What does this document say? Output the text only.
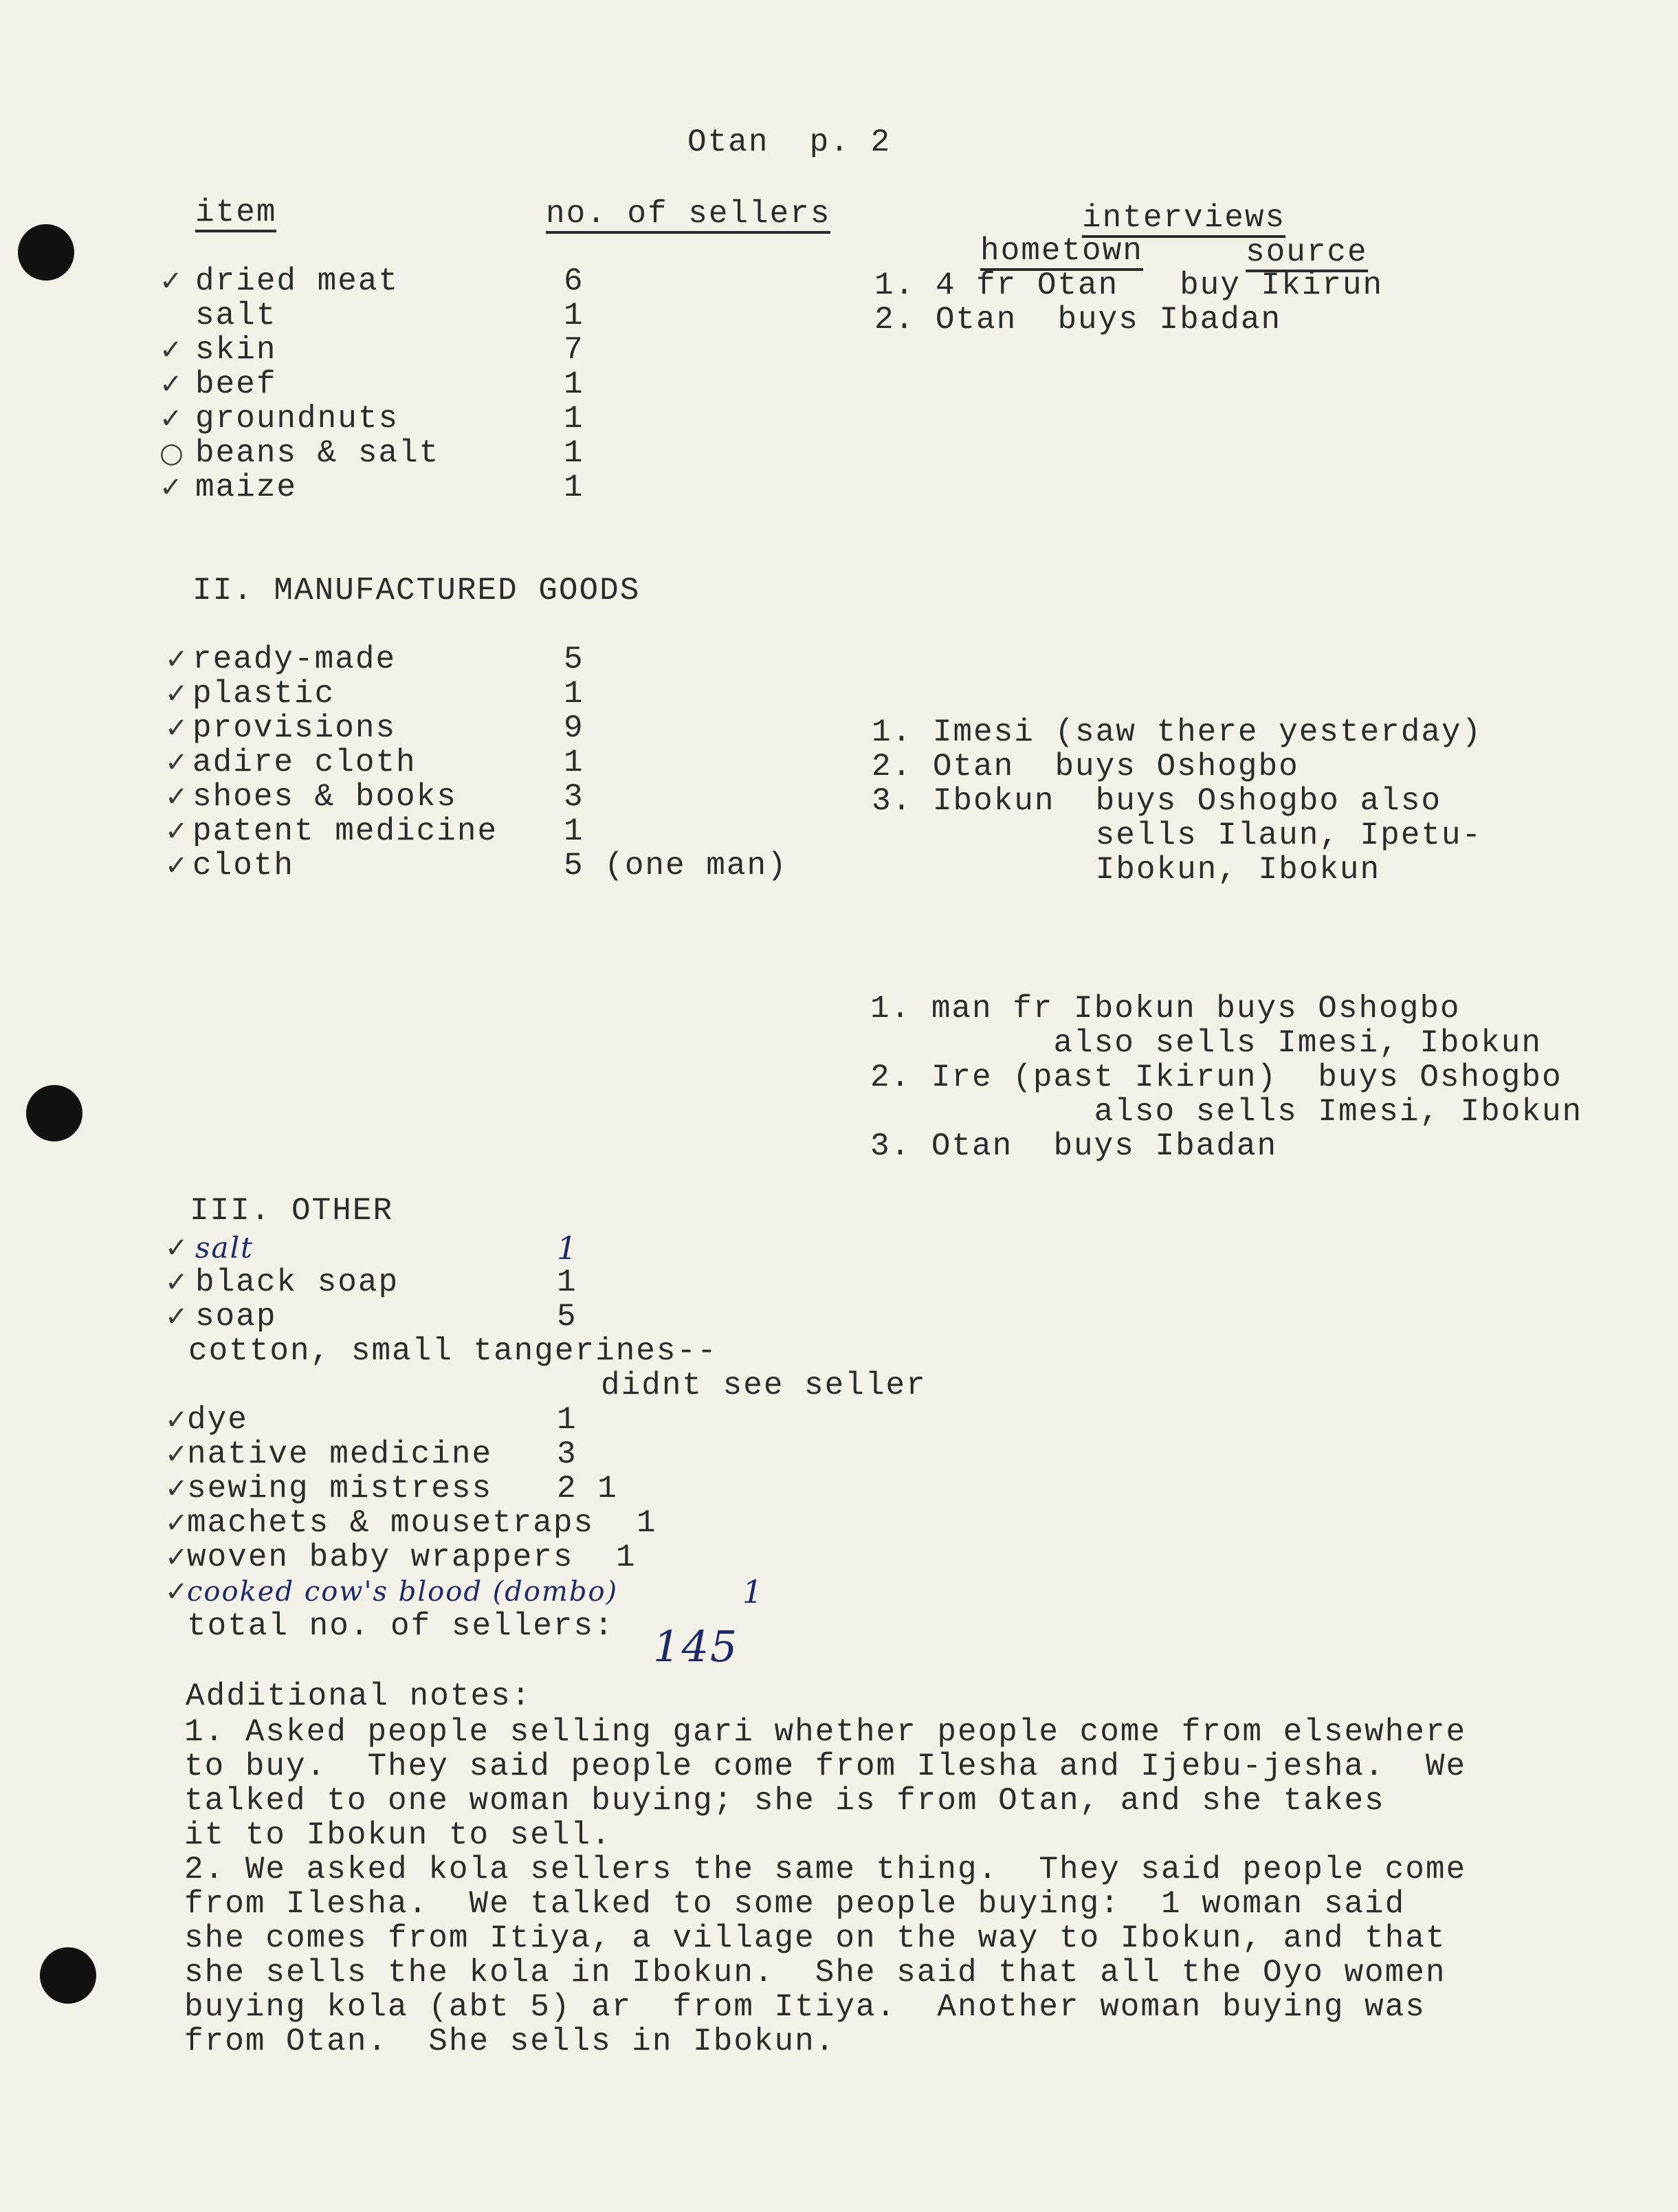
Otan  p. 2
item	no. of sellers	interviews
hometown	source
✓ dried meat	6
salt	1
✓ skin	7
✓ beef	1
✓ groundnuts	1
○ beans & salt	1
✓ maize	1
1. 4 fr Otan   buy Ikirun
2. Otan  buys Ibadan
II. MANUFACTURED GOODS
✓ ready-made	5
✓ plastic	1
✓ provisions	9
✓ adire cloth	1
✓ shoes & books	3
✓ patent medicine 1
✓ cloth	5 (one man)
1. Imesi (saw there yesterday)
2. Otan  buys Oshogbo
3. Ibokun  buys Oshogbo also
sells Ilaun, Ipetu-
Ibokun, Ibokun
1. man fr Ibokun buys Oshogbo
also sells Imesi, Ibokun
2. Ire (past Ikirun)  buys Oshogbo
also sells Imesi, Ibokun
3. Otan  buys Ibadan
III. OTHER
✓ salt	1
✓ black soap	1
✓ soap	5
cotton, small tangerines--
didnt see seller
✓
dye	1
✓
native medicine 3
✓
sewing mistress 2 1
✓
machets & mousetraps 1
✓
woven baby wrappers 1
✓
cooked cow's blood (dombo)	1
total no. of sellers: 145
Additional notes:
1. Asked people selling gari whether people come from elsewhere
to buy.  They said people come from Ilesha and Ijebu-jesha.  We
talked to one woman buying; she is from Otan, and she takes
it to Ibokun to sell.
2. We asked kola sellers the same thing.  They said people come
from Ilesha.  We talked to some people buying:  1 woman said
she comes from Itiya, a village on the way to Ibokun, and that
she sells the kola in Ibokun.  She said that all the Oyo women
buying kola (abt 5) ar  from Itiya.  Another woman buying was
from Otan.  She sells in Ibokun.
